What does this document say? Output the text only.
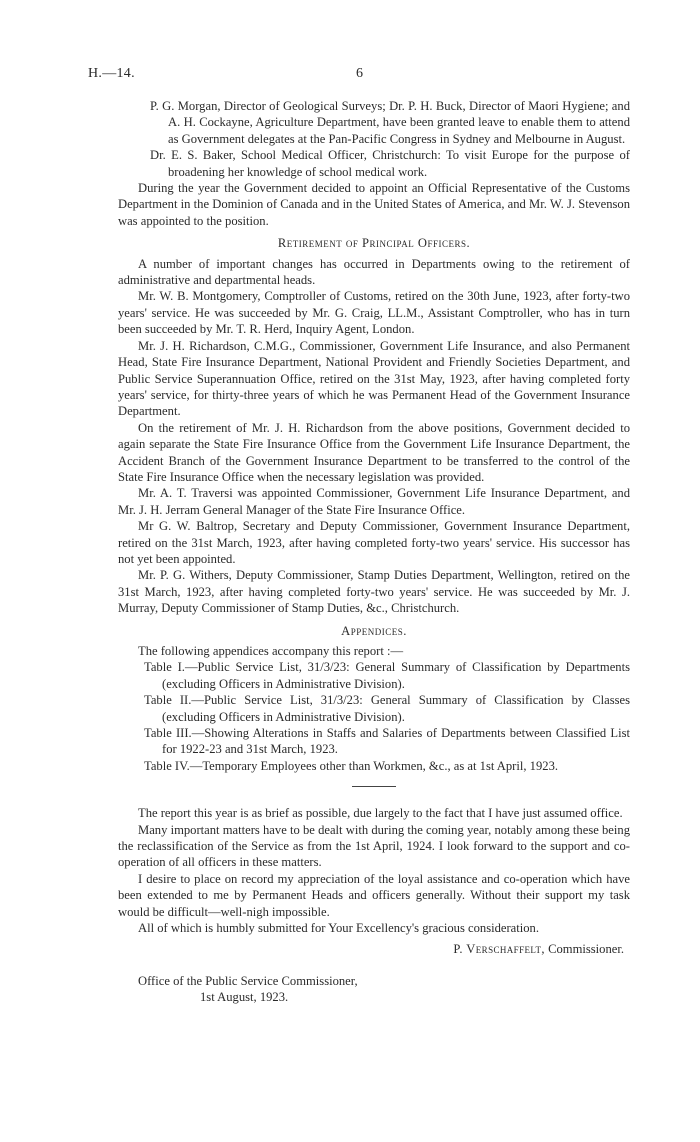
H.—14.	6

P. G. Morgan, Director of Geological Surveys; Dr. P. H. Buck, Director of Maori Hygiene; and A. H. Cockayne, Agriculture Department, have been granted leave to enable them to attend as Government delegates at the Pan-Pacific Congress in Sydney and Melbourne in August.

Dr. E. S. Baker, School Medical Officer, Christchurch: To visit Europe for the purpose of broadening her knowledge of school medical work.

During the year the Government decided to appoint an Official Representative of the Customs Department in the Dominion of Canada and in the United States of America, and Mr. W. J. Stevenson was appointed to the position.

Retirement of Principal Officers.

A number of important changes has occurred in Departments owing to the retirement of administrative and departmental heads.

Mr. W. B. Montgomery, Comptroller of Customs, retired on the 30th June, 1923, after forty-two years' service. He was succeeded by Mr. G. Craig, LL.M., Assistant Comptroller, who has in turn been succeeded by Mr. T. R. Herd, Inquiry Agent, London.

Mr. J. H. Richardson, C.M.G., Commissioner, Government Life Insurance, and also Permanent Head, State Fire Insurance Department, National Provident and Friendly Societies Department, and Public Service Superannuation Office, retired on the 31st May, 1923, after having completed forty years' service, for thirty-three years of which he was Permanent Head of the Government Insurance Department.

On the retirement of Mr. J. H. Richardson from the above positions, Government decided to again separate the State Fire Insurance Office from the Government Life Insurance Department, the Accident Branch of the Government Insurance Department to be transferred to the control of the State Fire Insurance Office when the necessary legislation was provided.

Mr. A. T. Traversi was appointed Commissioner, Government Life Insurance Department, and Mr. J. H. Jerram General Manager of the State Fire Insurance Office.

Mr G. W. Baltrop, Secretary and Deputy Commissioner, Government Insurance Department, retired on the 31st March, 1923, after having completed forty-two years' service. His successor has not yet been appointed.

Mr. P. G. Withers, Deputy Commissioner, Stamp Duties Department, Wellington, retired on the 31st March, 1923, after having completed forty-two years' service. He was succeeded by Mr. J. Murray, Deputy Commissioner of Stamp Duties, &c., Christchurch.

Appendices.

The following appendices accompany this report :—

Table I.—Public Service List, 31/3/23: General Summary of Classification by Departments (excluding Officers in Administrative Division).

Table II.—Public Service List, 31/3/23: General Summary of Classification by Classes (excluding Officers in Administrative Division).

Table III.—Showing Alterations in Staffs and Salaries of Departments between Classified List for 1922-23 and 31st March, 1923.

Table IV.—Temporary Employees other than Workmen, &c., as at 1st April, 1923.

The report this year is as brief as possible, due largely to the fact that I have just assumed office.

Many important matters have to be dealt with during the coming year, notably among these being the reclassification of the Service as from the 1st April, 1924. I look forward to the support and co-operation of all officers in these matters.

I desire to place on record my appreciation of the loyal assistance and co-operation which have been extended to me by Permanent Heads and officers generally. Without their support my task would be difficult—well-nigh impossible.

All of which is humbly submitted for Your Excellency's gracious consideration.

P. Verschaffelt, Commissioner.

Office of the Public Service Commissioner,

1st August, 1923.
